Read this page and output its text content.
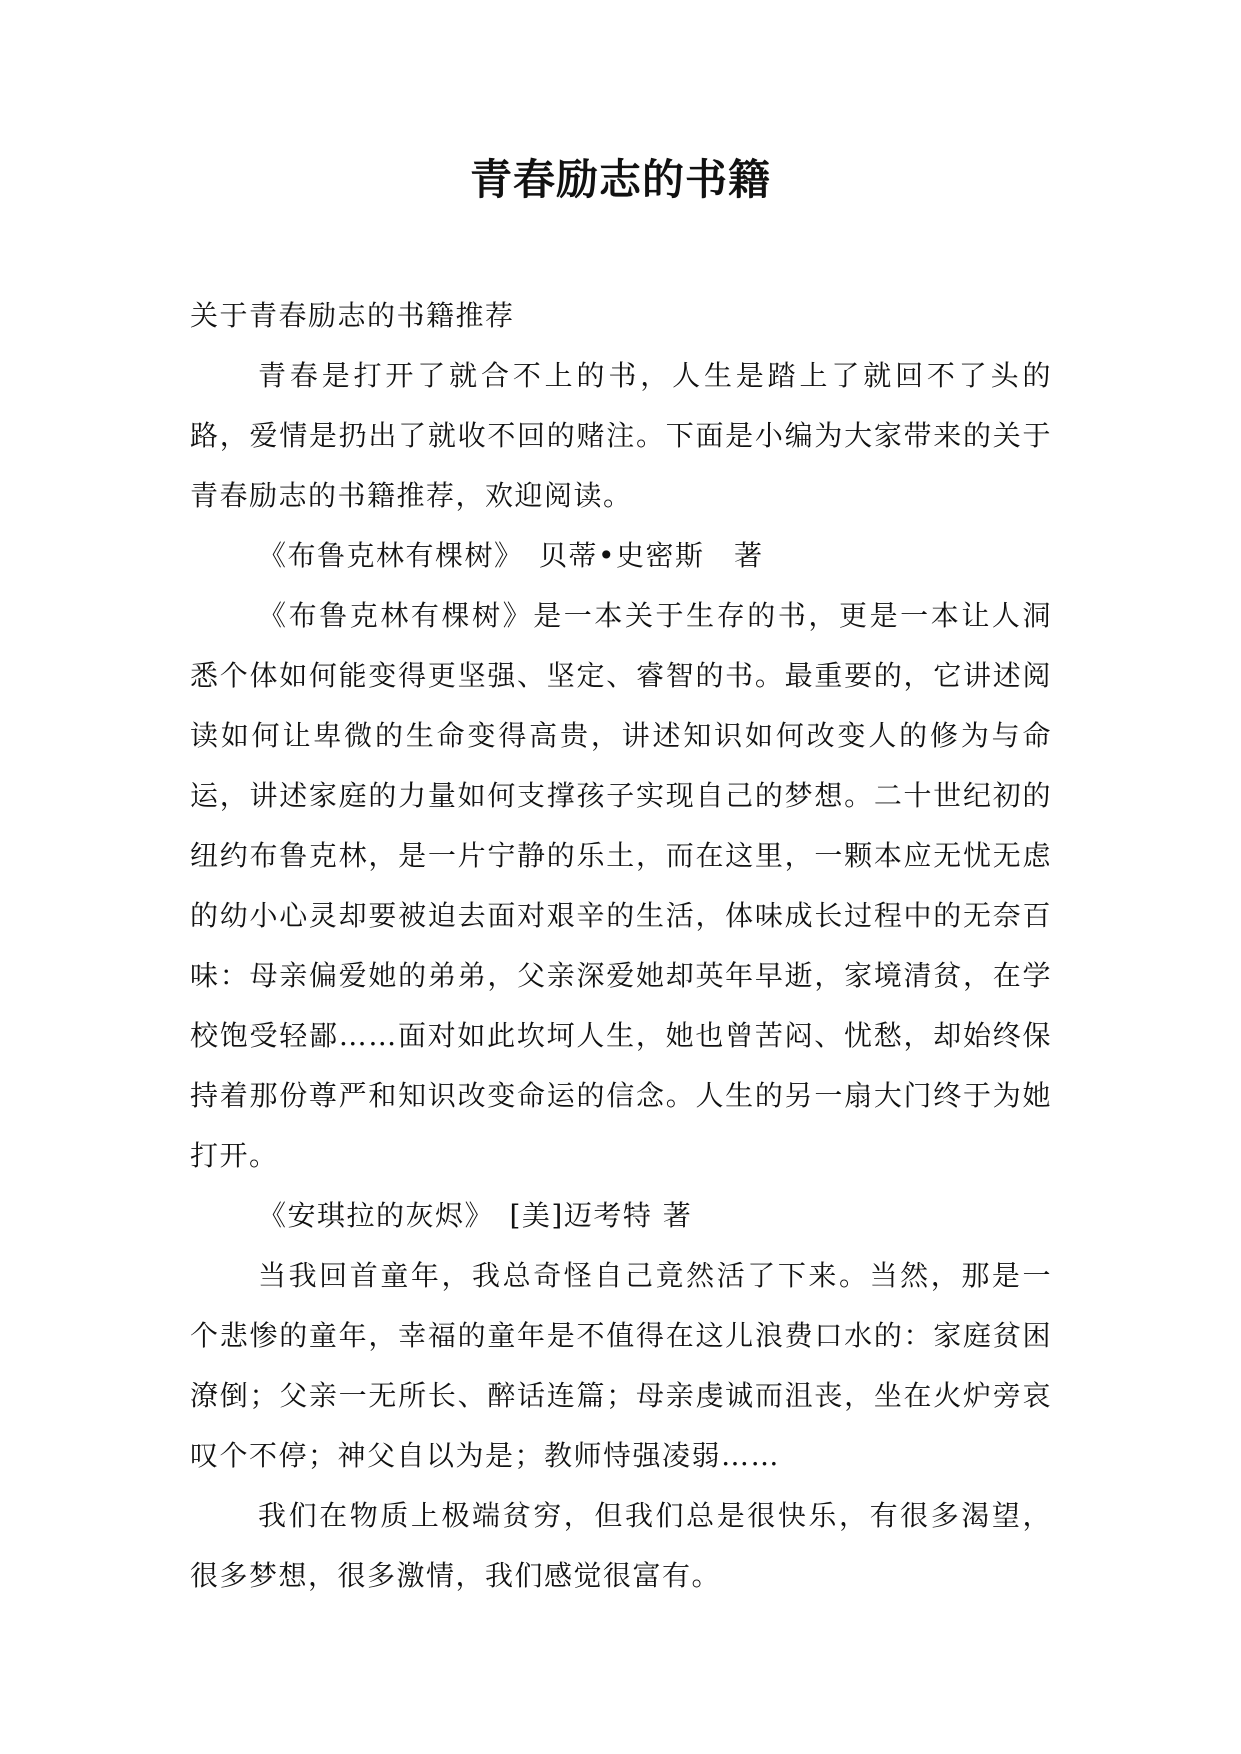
青春励志的书籍

关于青春励志的书籍推荐

青春是打开了就合不上的书，人生是踏上了就回不了头的路，爱情是扔出了就收不回的赌注。下面是小编为大家带来的关于青春励志的书籍推荐，欢迎阅读。

《布鲁克林有棵树》　贝蒂•史密斯　著

《布鲁克林有棵树》是一本关于生存的书，更是一本让人洞悉个体如何能变得更坚强、坚定、睿智的书。最重要的，它讲述阅读如何让卑微的生命变得高贵，讲述知识如何改变人的修为与命运，讲述家庭的力量如何支撑孩子实现自己的梦想。二十世纪初的纽约布鲁克林，是一片宁静的乐土，而在这里，一颗本应无忧无虑的幼小心灵却要被迫去面对艰辛的生活，体味成长过程中的无奈百味：母亲偏爱她的弟弟，父亲深爱她却英年早逝，家境清贫，在学校饱受轻鄙……面对如此坎坷人生，她也曾苦闷、忧愁，却始终保持着那份尊严和知识改变命运的信念。人生的另一扇大门终于为她打开。

《安琪拉的灰烬》　[美]迈考特 著

当我回首童年，我总奇怪自己竟然活了下来。当然，那是一个悲惨的童年，幸福的童年是不值得在这儿浪费口水的：家庭贫困潦倒；父亲一无所长、醉话连篇；母亲虔诚而沮丧，坐在火炉旁哀叹个不停；神父自以为是；教师恃强凌弱……

我们在物质上极端贫穷，但我们总是很快乐，有很多渴望，很多梦想，很多激情，我们感觉很富有。
